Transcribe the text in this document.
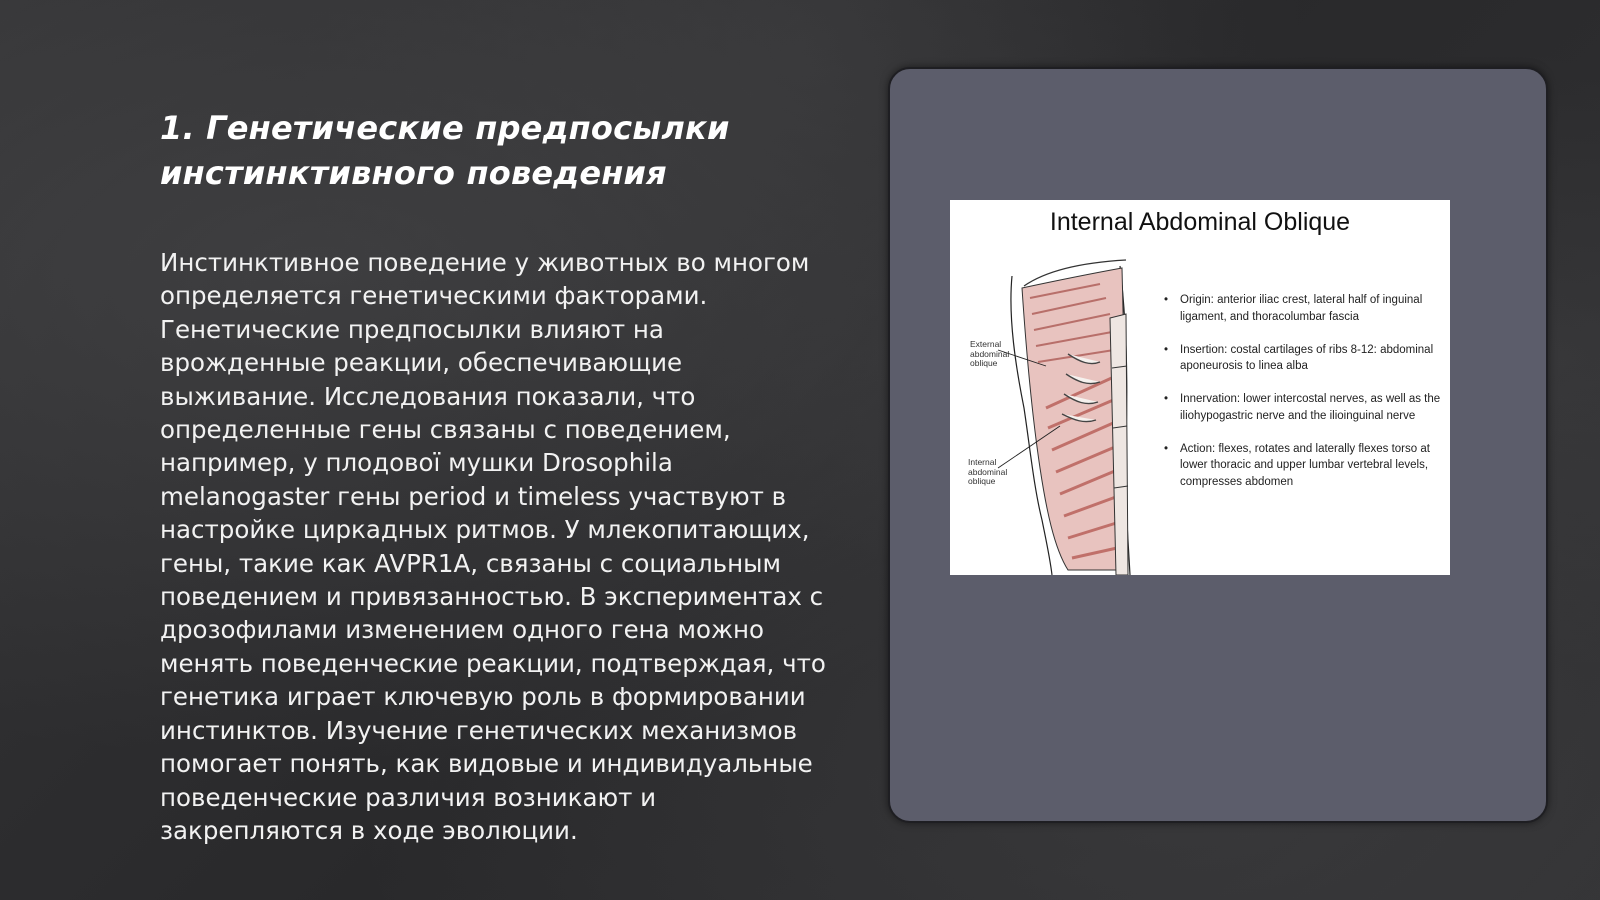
1. Генетические предпосылки инстинктивного поведения

Инстинктивное поведение у животных во многом определяется генетическими факторами. Генетические предпосылки влияют на врожденные реакции, обеспечивающие выживание. Исследования показали, что определенные гены связаны с поведением, например, у плодової мушки Drosophila melanogaster гены period и timeless участвуют в настройке циркадных ритмов. У млекопитающих, гены, такие как AVPR1A, связаны с социальным поведением и привязанностью. В экспериментах с дрозофилами изменением одного гена можно менять поведенческие реакции, подтверждая, что генетика играет ключевую роль в формировании инстинктов. Изучение генетических механизмов помогает понять, как видовые и индивидуальные поведенческие различия возникают и закрепляются в ходе эволюции.

Internal Abdominal Oblique
External abdominal oblique
Internal abdominal oblique
• Origin: anterior iliac crest, lateral half of inguinal ligament, and thoracolumbar fascia
• Insertion: costal cartilages of ribs 8-12: abdominal aponeurosis to linea alba
• Innervation: lower intercostal nerves, as well as the iliohypogastric nerve and the ilioinguinal nerve
• Action: flexes, rotates and laterally flexes torso at lower thoracic and upper lumbar vertebral levels, compresses abdomen
